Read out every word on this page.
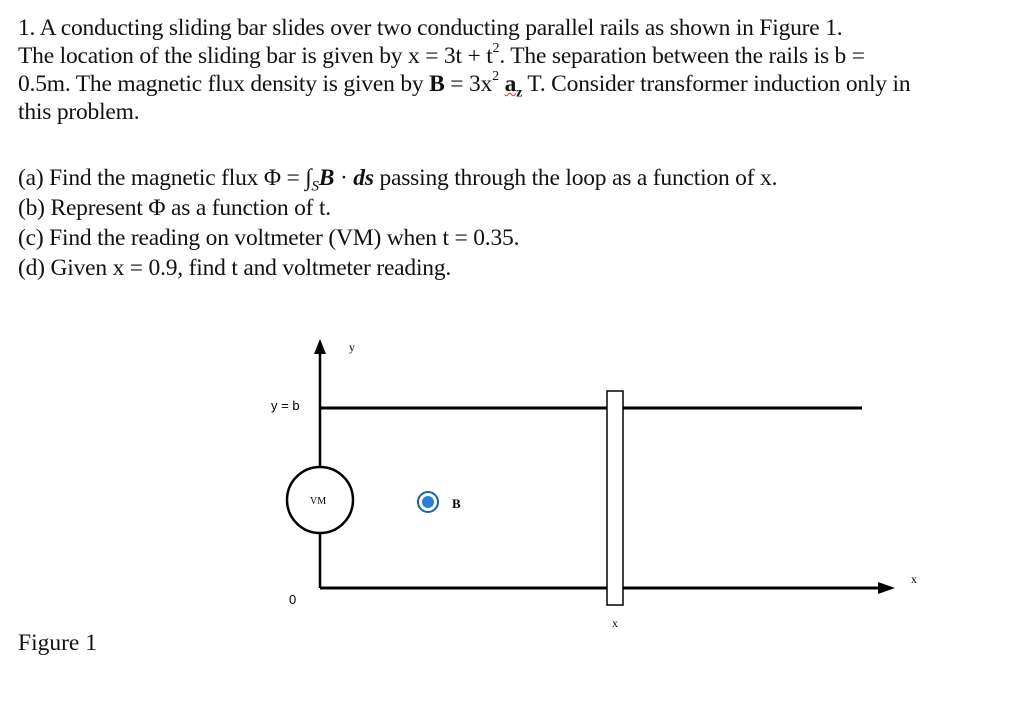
1. A conducting sliding bar slides over two conducting parallel rails as shown in Figure 1.

The location of the sliding bar is given by $x = 3t + t^2$. The separation between the rails is b =

0.5m. The magnetic flux density is given by $B = 3x^2$ $a_z$ T. Consider transformer induction only in

this problem.

(a) Find the magnetic flux $\Phi = \int_SB$ · ds passing through the loop as a function of x.

(b) Represent Φ as a function of t.

(c) Find the reading on voltmeter (VM) when t = 0.35.

(d) Given x = 0.9, find t and voltmeter reading.

y
y = b
x
0
x
VM	B
Figure 1
